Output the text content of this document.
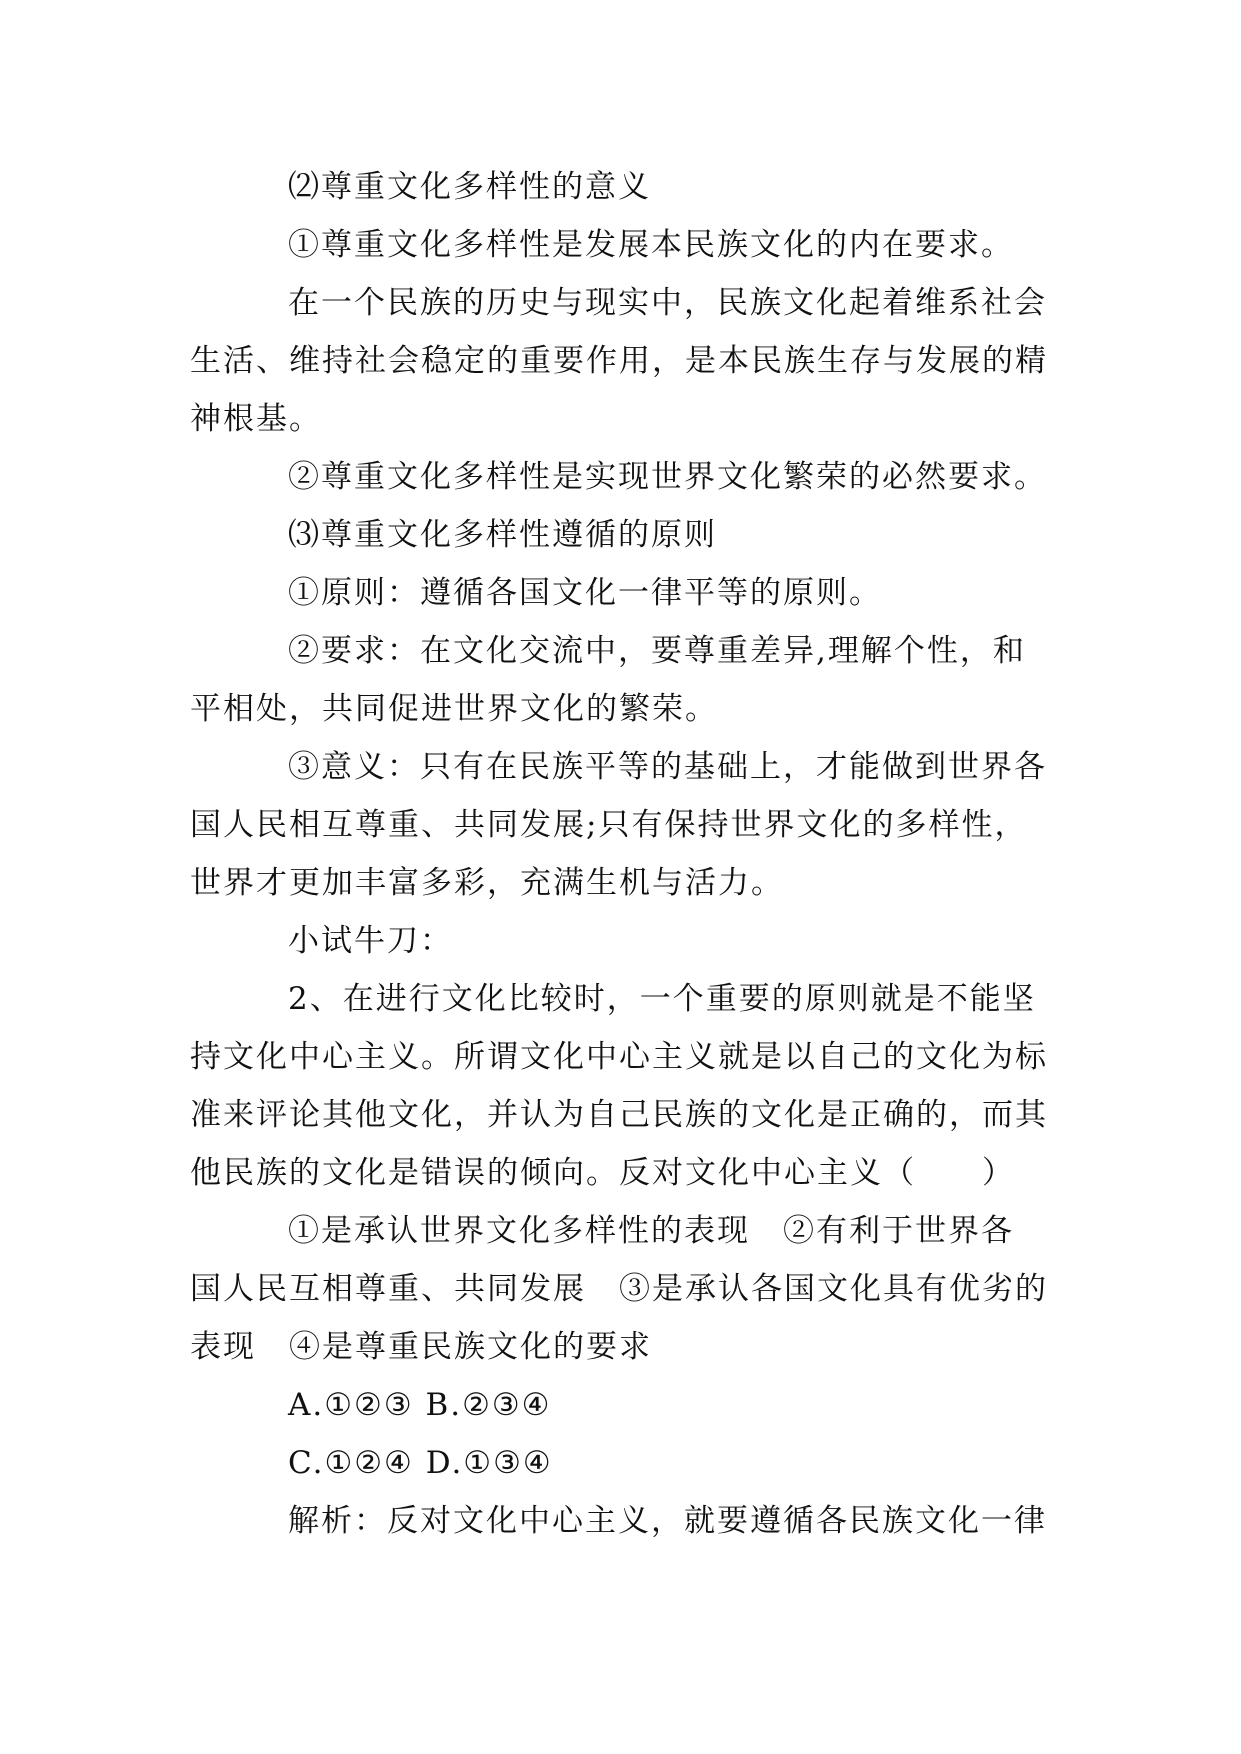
⑵尊重文化多样性的意义
①尊重文化多样性是发展本民族文化的内在要求。
在一个民族的历史与现实中，民族文化起着维系社会
生活、维持社会稳定的重要作用，是本民族生存与发展的精
神根基。
②尊重文化多样性是实现世界文化繁荣的必然要求。
⑶尊重文化多样性遵循的原则
①原则：遵循各国文化一律平等的原则。
②要求：在文化交流中，要尊重差异,理解个性，和
平相处，共同促进世界文化的繁荣。
③意义：只有在民族平等的基础上，才能做到世界各
国人民相互尊重、共同发展;只有保持世界文化的多样性，
世界才更加丰富多彩，充满生机与活力。
小试牛刀：
2、在进行文化比较时，一个重要的原则就是不能坚
持文化中心主义。所谓文化中心主义就是以自己的文化为标
准来评论其他文化，并认为自己民族的文化是正确的，而其
他民族的文化是错误的倾向。反对文化中心主义（　　）
①是承认世界文化多样性的表现　②有利于世界各
国人民互相尊重、共同发展　③是承认各国文化具有优劣的
表现　④是尊重民族文化的要求
A.①②③ B.②③④
C.①②④ D.①③④
解析：反对文化中心主义，就要遵循各民族文化一律
